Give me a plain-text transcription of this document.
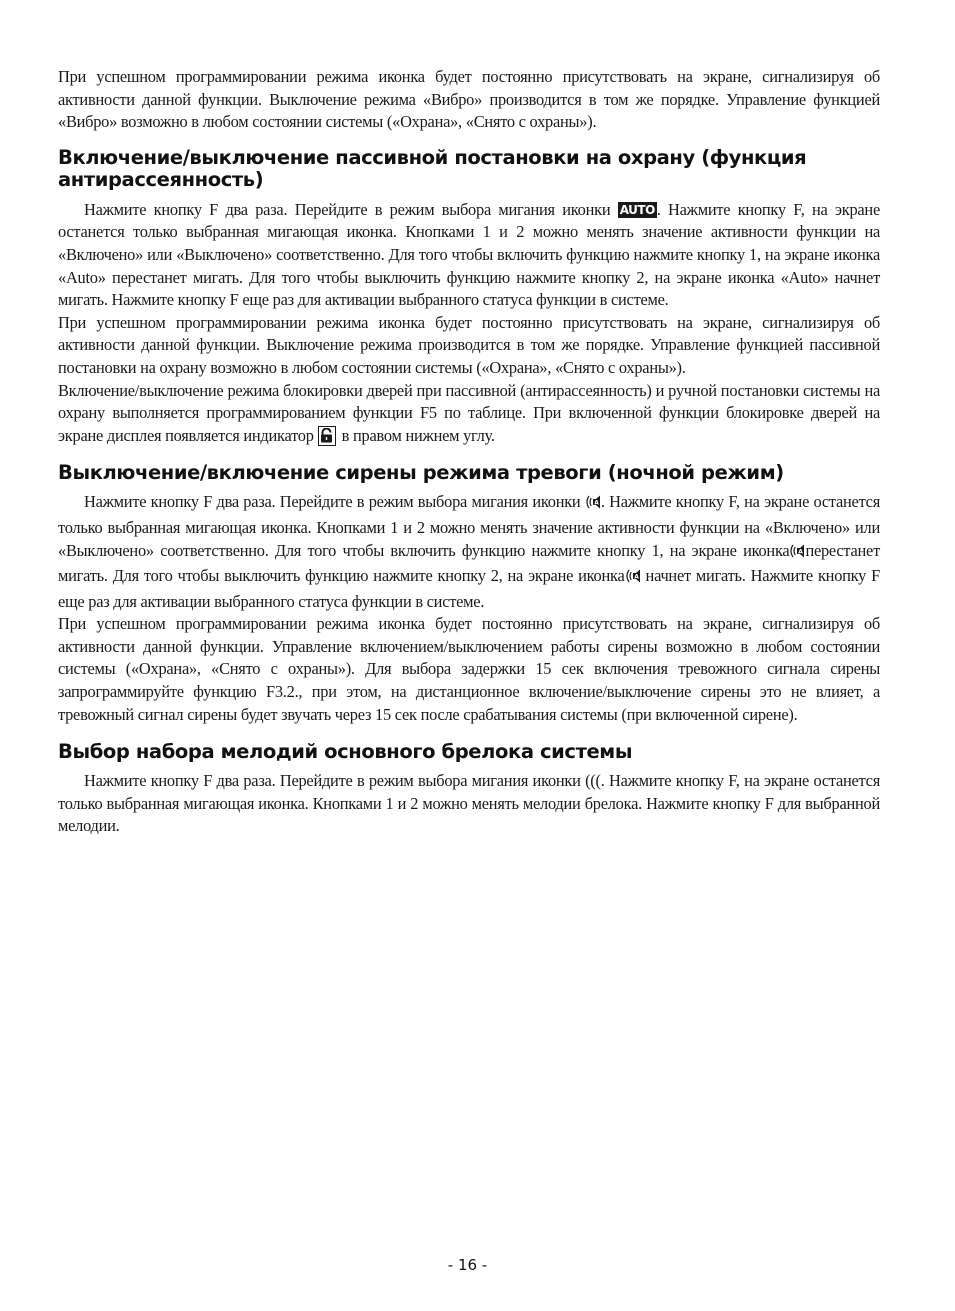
При успешном программировании режима иконка будет постоянно присутствовать на экране, сигнализируя об активности данной функции. Выключение режима «Вибро» производится в том же порядке. Управление функцией «Вибро» возможно в любом состоянии системы («Охрана», «Снято с охраны»).

Включение/выключение пассивной постановки на охрану (функция антирассеянность)

Нажмите кнопку F два раза. Перейдите в режим выбора мигания иконки AUTO . Нажмите кнопку F, на экране останется только выбранная мигающая иконка. Кнопками 1 и 2 можно менять значение активности функции на «Включено» или «Выключено» соответственно. Для того чтобы включить функцию нажмите кнопку 1, на экране иконка «Auto» перестанет мигать. Для того чтобы выключить функцию нажмите кнопку 2, на экране иконка «Auto» начнет мигать. Нажмите кнопку F еще раз для активации выбранного статуса функции в системе.

При успешном программировании режима иконка будет постоянно присутствовать на экране, сигнализируя об активности данной функции. Выключение режима производится в том же порядке. Управление функцией пассивной постановки на охрану возможно в любом состоянии системы («Охрана», «Снято с охраны»).

Включение/выключение режима блокировки дверей при пассивной (антирассеянность) и ручной постановки системы на охрану выполняется программированием функции F5 по таблице. При включенной функции блокировке дверей на экране дисплея появляется индикатор в правом нижнем углу.

Выключение/включение сирены режима тревоги (ночной режим)

Нажмите кнопку F два раза. Перейдите в режим выбора мигания иконки A . Нажмите кнопку F, на экране останется только выбранная мигающая иконка. Кнопками 1 и 2 можно менять значение активности функции на «Включено» или «Выключено» соответственно. Для того чтобы включить функцию нажмите кнопку 1, на экране иконка A перестанет мигать. Для того чтобы выключить функцию нажмите кнопку 2, на экране иконка A начнет мигать. Нажмите кнопку F еще раз для активации выбранного статуса функции в системе.

При успешном программировании режима иконка будет постоянно присутствовать на экране, сигнализируя об активности данной функции. Управление включением/выключением работы сирены возможно в любом состоянии системы («Охрана», «Снято с охраны»). Для выбора задержки 15 сек включения тревожного сигнала сирены запрограммируйте функцию F3.2., при этом, на дистанционное включение/выключение сирены это не влияет, а тревожный сигнал сирены будет звучать через 15 сек после срабатывания системы (при включенной сирене).

Выбор набора мелодий основного брелока системы

Нажмите кнопку F два раза. Перейдите в режим выбора мигания иконки (((. Нажмите кнопку F, на экране останется только выбранная мигающая иконка. Кнопками 1 и 2 можно менять мелодии брелока. Нажмите кнопку F для выбранной мелодии.

- 16 -
